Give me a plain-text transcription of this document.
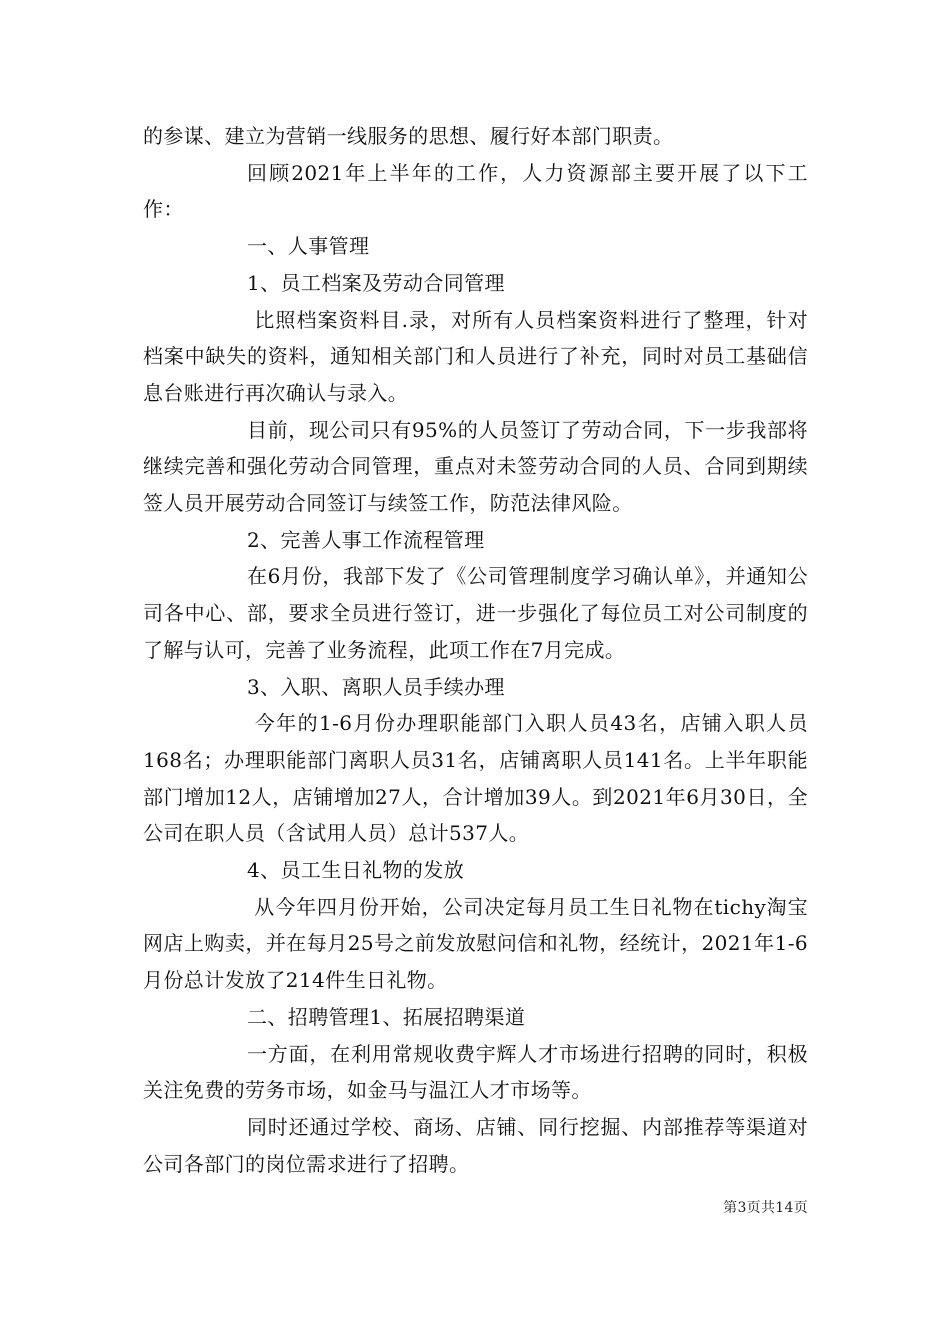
的参谋、建立为营销一线服务的思想、履行好本部门职责。

回顾2021年上半年的工作，人力资源部主要开展了以下工作：

一、人事管理

1、员工档案及劳动合同管理

比照档案资料目.录，对所有人员档案资料进行了整理，针对档案中缺失的资料，通知相关部门和人员进行了补充，同时对员工基础信息台账进行再次确认与录入。

目前，现公司只有95%的人员签订了劳动合同，下一步我部将继续完善和强化劳动合同管理，重点对未签劳动合同的人员、合同到期续签人员开展劳动合同签订与续签工作，防范法律风险。

2、完善人事工作流程管理

在6月份，我部下发了《公司管理制度学习确认单》，并通知公司各中心、部，要求全员进行签订，进一步强化了每位员工对公司制度的了解与认可，完善了业务流程，此项工作在7月完成。

3、入职、离职人员手续办理

今年的1-6月份办理职能部门入职人员43名，店铺入职人员168名；办理职能部门离职人员31名，店铺离职人员141名。上半年职能部门增加12人，店铺增加27人，合计增加39人。到2021年6月30日，全公司在职人员（含试用人员）总计537人。

4、员工生日礼物的发放

从今年四月份开始，公司决定每月员工生日礼物在tichy淘宝网店上购卖，并在每月25号之前发放慰问信和礼物，经统计，2021年1-6月份总计发放了214件生日礼物。

二、招聘管理1、拓展招聘渠道

一方面，在利用常规收费宇辉人才市场进行招聘的同时，积极关注免费的劳务市场，如金马与温江人才市场等。

同时还通过学校、商场、店铺、同行挖掘、内部推荐等渠道对公司各部门的岗位需求进行了招聘。

第3页共14页
